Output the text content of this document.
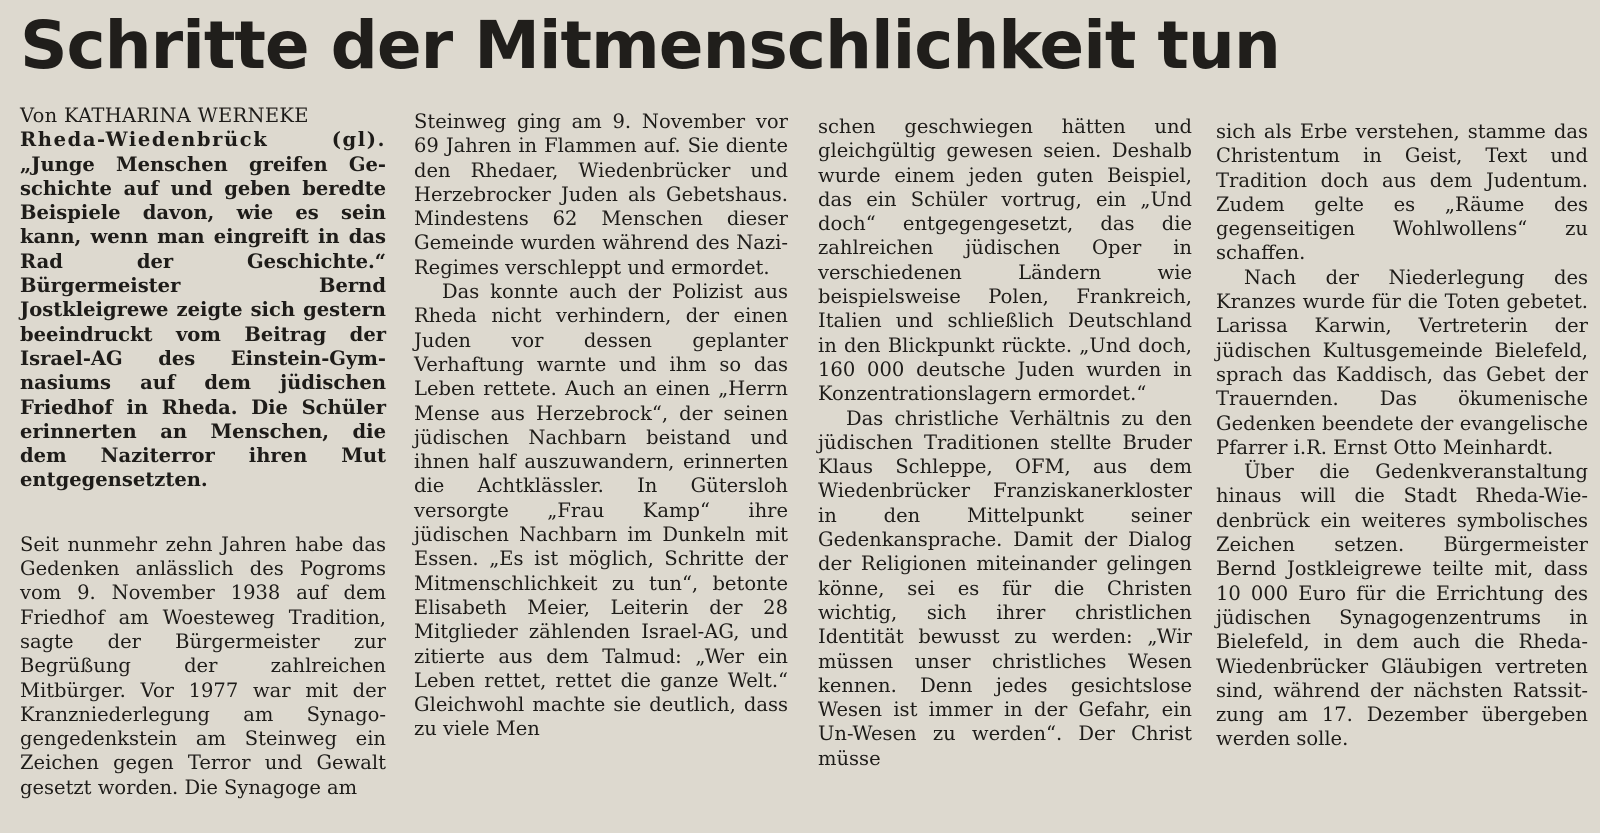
Schritte der Mitmenschlichkeit tun

Von KATHARINA WERNEKE

Rheda-Wiedenbrück (gl). „Junge Menschen greifen Geschichte auf und geben beredte Beispiele davon, wie es sein kann, wenn man eingreift in das Rad der Geschichte.“ Bürgermeister Bernd Jostkleigrewe zeigte sich gestern beeindruckt vom Beitrag der Israel-AG des Einstein-Gymnasiums auf dem jüdischen Friedhof in Rheda. Die Schüler erinnerten an Menschen, die dem Naziterror ihren Mut entgegensetzten.

Seit nunmehr zehn Jahren habe das Gedenken anlässlich des Pogroms vom 9. November 1938 auf dem Friedhof am Woesteweg Tradition, sagte der Bürgermeister zur Begrüßung der zahlreichen Mitbürger. Vor 1977 war mit der Kranzniederlegung am Synagogengedenkstein am Steinweg ein Zeichen gegen Terror und Gewalt gesetzt worden. Die Synagoge am

Steinweg ging am 9. November vor 69 Jahren in Flammen auf. Sie diente den Rhedaer, Wiedenbrücker und Herzebrocker Juden als Gebetshaus. Mindestens 62 Menschen dieser Gemeinde wurden während des Nazi-Regimes verschleppt und ermordet.

Das konnte auch der Polizist aus Rheda nicht verhindern, der einen Juden vor dessen geplanter Verhaftung warnte und ihm so das Leben rettete. Auch an einen „Herrn Mense aus Herzebrock“, der seinen jüdischen Nachbarn beistand und ihnen half auszuwandern, erinnerten die Achtklässler. In Gütersloh versorgte „Frau Kamp“ ihre jüdischen Nachbarn im Dunkeln mit Essen. „Es ist möglich, Schritte der Mitmenschlichkeit zu tun“, betonte Elisabeth Meier, Leiterin der 28 Mitglieder zählenden Israel-AG, und zitierte aus dem Talmud: „Wer ein Leben rettet, rettet die ganze Welt.“ Gleichwohl machte sie deutlich, dass zu viele Men

schen geschwiegen hätten und gleichgültig gewesen seien. Deshalb wurde einem jeden guten Beispiel, das ein Schüler vortrug, ein „Und doch“ entgegengesetzt, das die zahlreichen jüdischen Oper in verschiedenen Ländern wie beispielsweise Polen, Frankreich, Italien und schließlich Deutschland in den Blickpunkt rückte. „Und doch, 160 000 deutsche Juden wurden in Konzentrationslagern ermordet.“

Das christliche Verhältnis zu den jüdischen Traditionen stellte Bruder Klaus Schleppe, OFM, aus dem Wiedenbrücker Franziskanerkloster in den Mittelpunkt seiner Gedenkansprache. Damit der Dialog der Religionen miteinander gelingen könne, sei es für die Christen wichtig, sich ihrer christlichen Identität bewusst zu werden: „Wir müssen unser christliches Wesen kennen. Denn jedes gesichtslose Wesen ist immer in der Gefahr, ein Un-Wesen zu werden“. Der Christ müsse

sich als Erbe verstehen, stamme das Christentum in Geist, Text und Tradition doch aus dem Judentum. Zudem gelte es „Räume des gegenseitigen Wohlwollens“ zu schaffen.

Nach der Niederlegung des Kranzes wurde für die Toten gebetet. Larissa Karwin, Vertreterin der jüdischen Kultusgemeinde Bielefeld, sprach das Kaddisch, das Gebet der Trauernden. Das ökumenische Gedenken beendete der evangelische Pfarrer i.R. Ernst Otto Meinhardt.

Über die Gedenkveranstaltung hinaus will die Stadt Rheda-Wiedenbrück ein weiteres symbolisches Zeichen setzen. Bürgermeister Bernd Jostkleigrewe teilte mit, dass 10 000 Euro für die Errichtung des jüdischen Synagogenzentrums in Bielefeld, in dem auch die Rheda-Wiedenbrücker Gläubigen vertreten sind, während der nächsten Ratssitzung am 17. Dezember übergeben werden solle.
